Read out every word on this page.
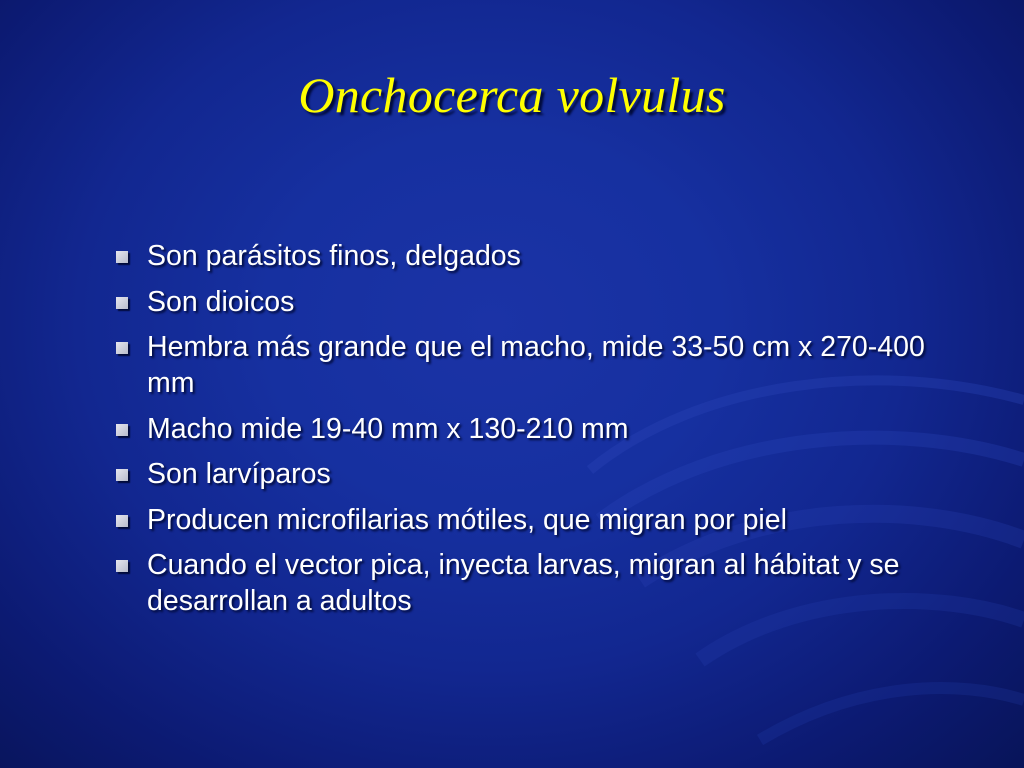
Onchocerca volvulus
Son parásitos finos, delgados
Son dioicos
Hembra más grande que el macho, mide 33-50 cm x 270-400 mm
Macho mide 19-40 mm x 130-210 mm
Son larvíparos
Producen microfilarias mótiles, que migran por piel
Cuando el vector pica, inyecta larvas, migran al hábitat y se desarrollan a adultos
